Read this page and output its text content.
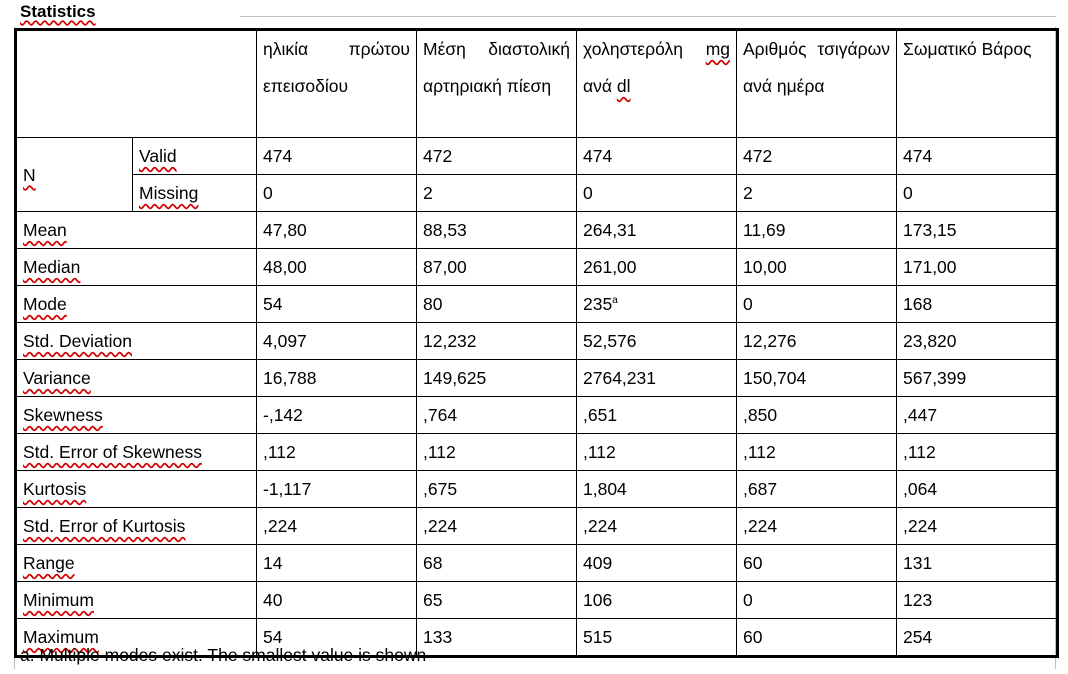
Statistics

		ηλικία πρώτου επεισοδίου	Μέση διαστολική αρτηριακή πίεση	χοληστερόλη mg ανά dl	Αριθμός τσιγάρων ανά ημέρα	Σωματικό Βάρος

N	Valid	474	472	474	472	474
	Missing	0	2	0	2	0
Mean		47,80	88,53	264,31	11,69	173,15
Median		48,00	87,00	261,00	10,00	171,00
Mode		54	80	235$^a$	0	168
Std. Deviation		4,097	12,232	52,576	12,276	23,820
Variance		16,788	149,625	2764,231	150,704	567,399
Skewness		-,142	,764	,651	,850	,447
Std. Error of Skewness		,112	,112	,112	,112	,112
Kurtosis		-1,117	,675	1,804	,687	,064
Std. Error of Kurtosis		,224	,224	,224	,224	,224
Range		14	68	409	60	131
Minimum		40	65	106	0	123
Maximum		54	133	515	60	254
a. Multiple modes exist. The smallest value is shown
